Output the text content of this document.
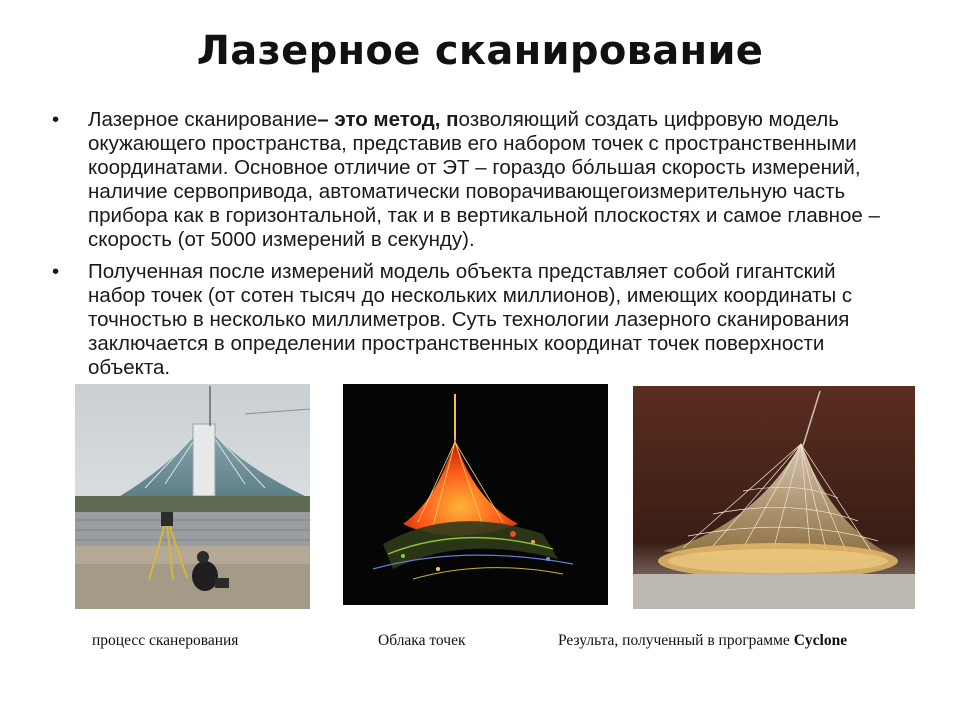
Лазерное сканирование
• Лазерное сканирование– это метод, позволяющий создать цифровую модель окужающего пространства, представив его набором точек с пространственными координатами. Основное отличие от ЭТ – гораздо бóльшая скорость измерений, наличие сервопривода, автоматически поворачивающегоизмерительную часть прибора как в горизонтальной, так и в вертикальной плоскостях и самое главное – скорость (от 5000 измерений в секунду).
• Полученная после измерений модель объекта представляет собой гигантский набор точек (от сотен тысяч до нескольких миллионов), имеющих координаты с точностью в несколько миллиметров. Суть технологии лазерного сканирования заключается в определении пространственных координат точек поверхности объекта.
процесс сканерования	Облака точек	Результа, полученный в программе Cyclone
